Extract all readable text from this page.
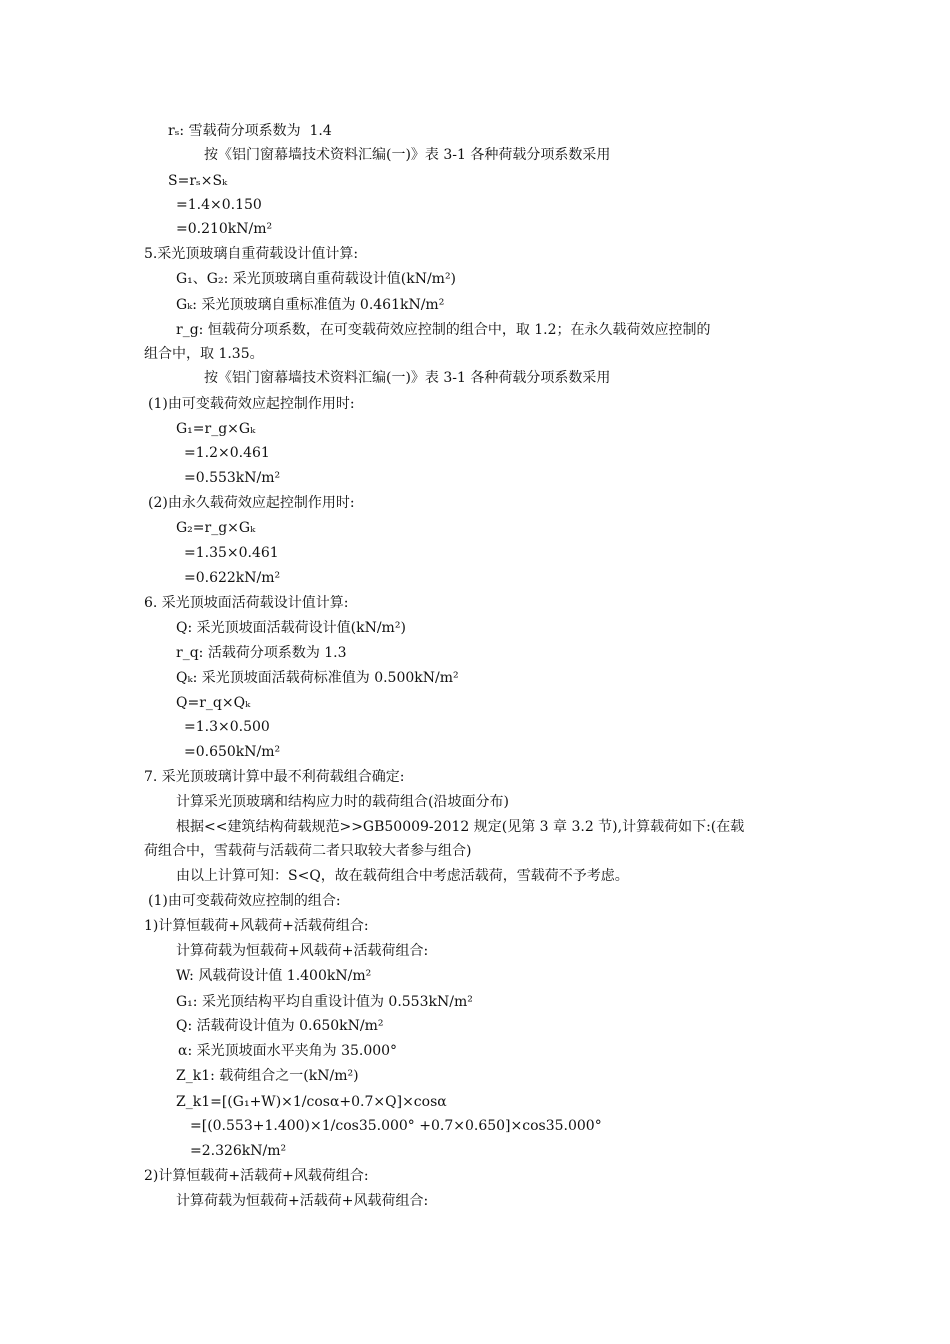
rₛ: 雪载荷分项系数为  1.4
按《铝门窗幕墙技术资料汇编(一)》表 3-1 各种荷载分项系数采用
S=rₛ×Sₖ
=1.4×0.150
=0.210kN/m²
5.采光顶玻璃自重荷载设计值计算:
G₁、G₂: 采光顶玻璃自重荷载设计值(kN/m²)
Gₖ: 采光顶玻璃自重标准值为 0.461kN/m²
r_g: 恒载荷分项系数，在可变载荷效应控制的组合中，取 1.2；在永久载荷效应控制的
组合中，取 1.35。
按《铝门窗幕墙技术资料汇编(一)》表 3-1 各种荷载分项系数采用
(1)由可变载荷效应起控制作用时:
G₁=r_g×Gₖ
=1.2×0.461
=0.553kN/m²
(2)由永久载荷效应起控制作用时:
G₂=r_g×Gₖ
=1.35×0.461
=0.622kN/m²
6. 采光顶坡面活荷载设计值计算:
Q: 采光顶坡面活载荷设计值(kN/m²)
r_q: 活载荷分项系数为 1.3
Qₖ: 采光顶坡面活载荷标准值为 0.500kN/m²
Q=r_q×Qₖ
=1.3×0.500
=0.650kN/m²
7. 采光顶玻璃计算中最不利荷载组合确定:
计算采光顶玻璃和结构应力时的载荷组合(沿坡面分布)
根据<<建筑结构荷载规范>>GB50009-2012 规定(见第 3 章 3.2 节),计算载荷如下:(在载
荷组合中，雪载荷与活载荷二者只取较大者参与组合)
由以上计算可知：S<Q，故在载荷组合中考虑活载荷，雪载荷不予考虑。
(1)由可变载荷效应控制的组合:
1)计算恒载荷+风载荷+活载荷组合:
计算荷载为恒载荷+风载荷+活载荷组合:
W: 风载荷设计值 1.400kN/m²
G₁: 采光顶结构平均自重设计值为 0.553kN/m²
Q: 活载荷设计值为 0.650kN/m²
α: 采光顶坡面水平夹角为 35.000°
Z_k1: 载荷组合之一(kN/m²)
Z_k1=[(G₁+W)×1/cosα+0.7×Q]×cosα
=[(0.553+1.400)×1/cos35.000° +0.7×0.650]×cos35.000°
=2.326kN/m²
2)计算恒载荷+活载荷+风载荷组合:
计算荷载为恒载荷+活载荷+风载荷组合:
